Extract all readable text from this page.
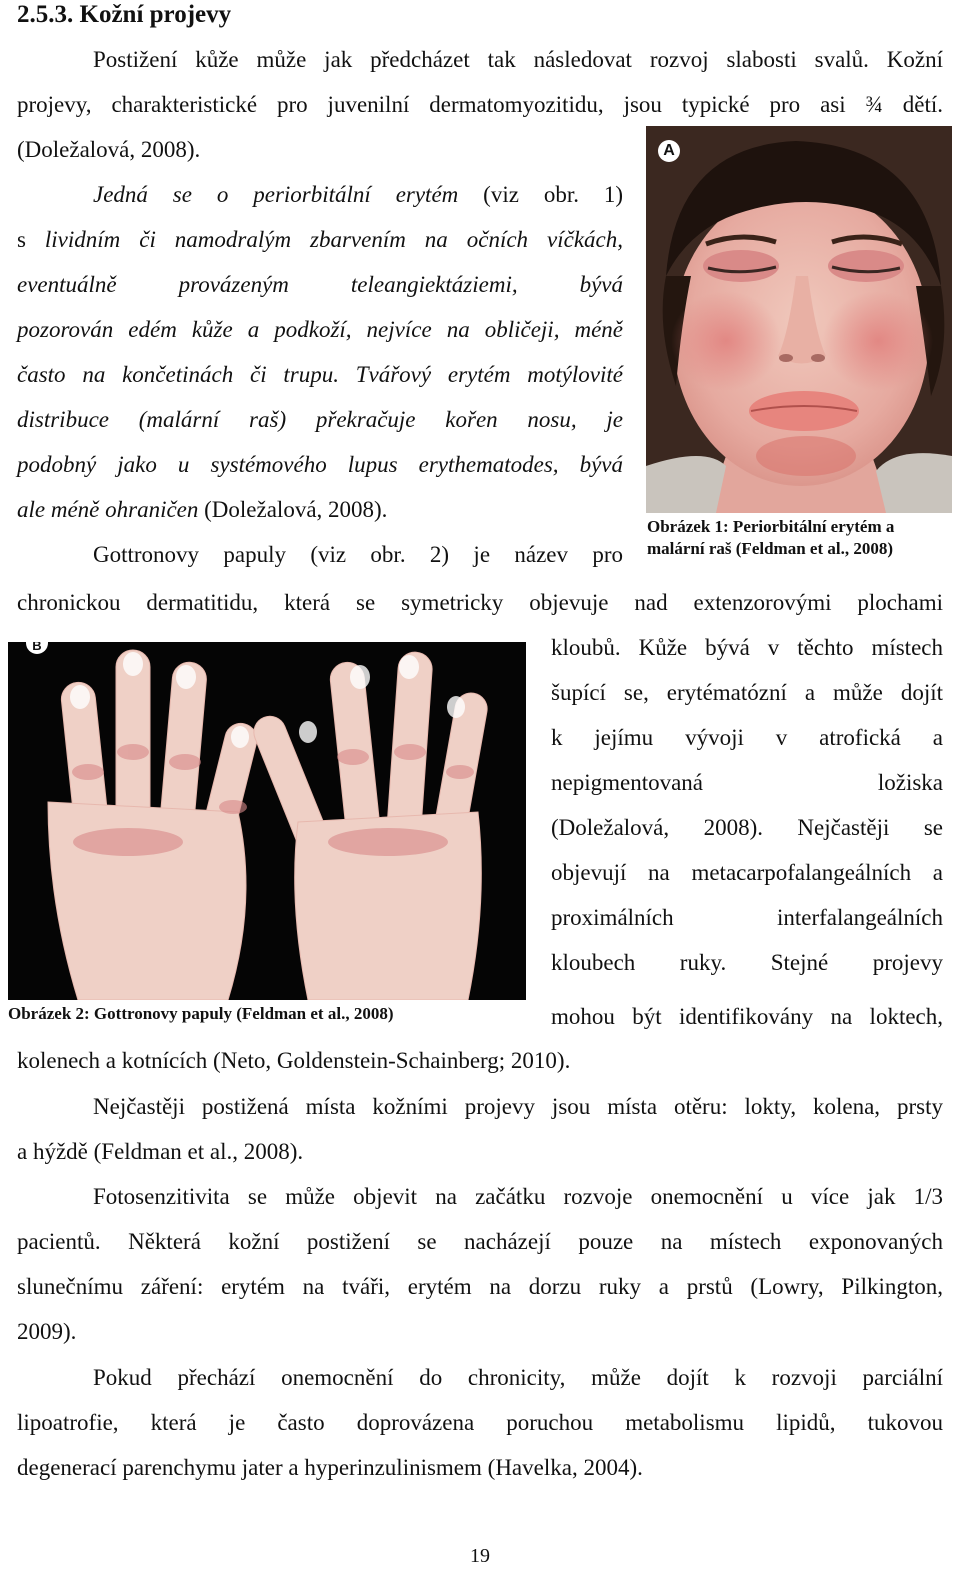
2.5.3. Kožní projevy
Postižení kůže může jak předcházet tak následovat rozvoj slabosti svalů. Kožní
projevy, charakteristické pro juvenilní dermatomyozitidu, jsou typické pro asi ¾ dětí.
(Doležalová, 2008).
Jedná se o periorbitální erytém (viz obr. 1)
s lividním či namodralým zbarvením na očních víčkách,
eventuálně provázeným teleangiektáziemi, bývá
pozorován edém kůže a podkoží, nejvíce na obličeji, méně
často na končetinách či trupu. Tvářový erytém motýlovité
distribuce (malární raš) překračuje kořen nosu, je
podobný jako u systémového lupus erythematodes, bývá
ale méně ohraničen (Doležalová, 2008).
A
Obrázek 1: Periorbitální erytém a
malární raš (Feldman et al., 2008)
Gottronovy papuly (viz obr. 2) je název pro
chronickou dermatitidu, která se symetricky objevuje nad extenzorovými plochami
B
Obrázek 2: Gottronovy papuly (Feldman et al., 2008)
kloubů. Kůže bývá v těchto místech
šupící se, erytématózní a může dojít
k jejímu vývoji v atrofická a
nepigmentovaná ložiska
(Doležalová, 2008). Nejčastěji se
objevují na metacarpofalangeálních a
proximálních interfalangeálních
kloubech ruky. Stejné projevy
mohou být identifikovány na loktech,
kolenech a kotnících (Neto, Goldenstein-Schainberg; 2010).
Nejčastěji postižená místa kožními projevy jsou místa otěru: lokty, kolena, prsty
a hýždě (Feldman et al., 2008).
Fotosenzitivita se může objevit na začátku rozvoje onemocnění u více jak 1/3
pacientů. Některá kožní postižení se nacházejí pouze na místech exponovaných
slunečnímu záření: erytém na tváři, erytém na dorzu ruky a prstů (Lowry, Pilkington,
2009).
Pokud přechází onemocnění do chronicity, může dojít k rozvoji parciální
lipoatrofie, která je často doprovázena poruchou metabolismu lipidů, tukovou
degenerací parenchymu jater a hyperinzulinismem (Havelka, 2004).
19
